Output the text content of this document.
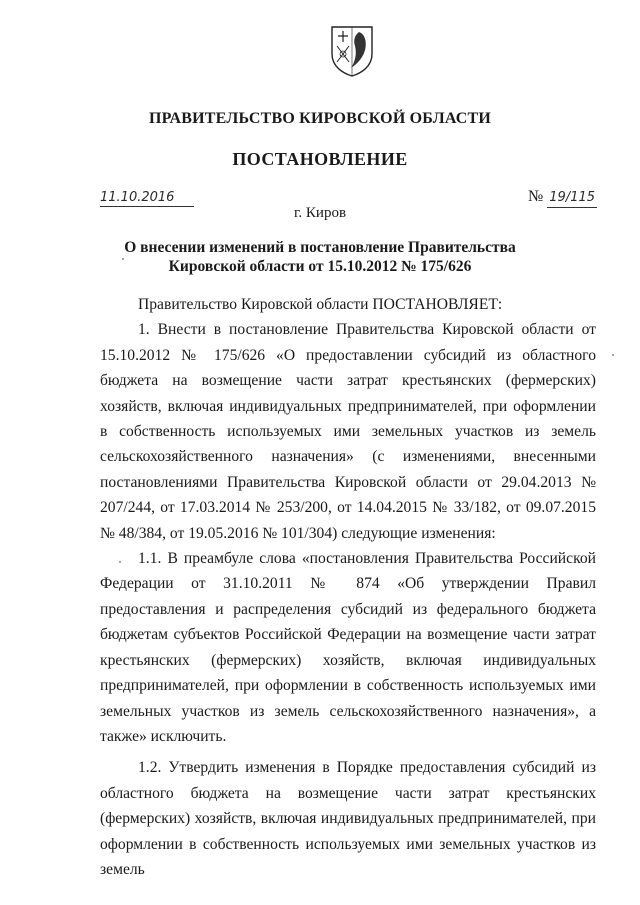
ПРАВИТЕЛЬСТВО КИРОВСКОЙ ОБЛАСТИ
ПОСТАНОВЛЕНИЕ
11.10.2016	№ 19/115
г. Киров
О внесении изменений в постановление Правительства
Кировской области от 15.10.2012 № 175/626

Правительство Кировской области ПОСТАНОВЛЯЕТ:

1. Внести в постановление Правительства Кировской области от 15.10.2012 № 175/626 «О предоставлении субсидий из областного бюджета на возмещение части затрат крестьянских (фермерских) хозяйств, включая индивидуальных предпринимателей, при оформлении в собственность используемых ими земельных участков из земель сельскохозяйственного назначения» (с изменениями, внесенными постановлениями Правительства Кировской области от 29.04.2013 № 207/244, от 17.03.2014 № 253/200, от 14.04.2015 № 33/182, от 09.07.2015 № 48/384, от 19.05.2016 № 101/304) следующие изменения:

1.1. В преамбуле слова «постановления Правительства Российской Федерации от 31.10.2011 № 874 «Об утверждении Правил предоставления и распределения субсидий из федерального бюджета бюджетам субъектов Российской Федерации на возмещение части затрат крестьянских (фермерских) хозяйств, включая индивидуальных предпринимателей, при оформлении в собственность используемых ими земельных участков из земель сельскохозяйственного назначения», а также» исключить.

1.2. Утвердить изменения в Порядке предоставления субсидий из областного бюджета на возмещение части затрат крестьянских (фермерских) хозяйств, включая индивидуальных предпринимателей, при оформлении в собственность используемых ими земельных участков из земель
